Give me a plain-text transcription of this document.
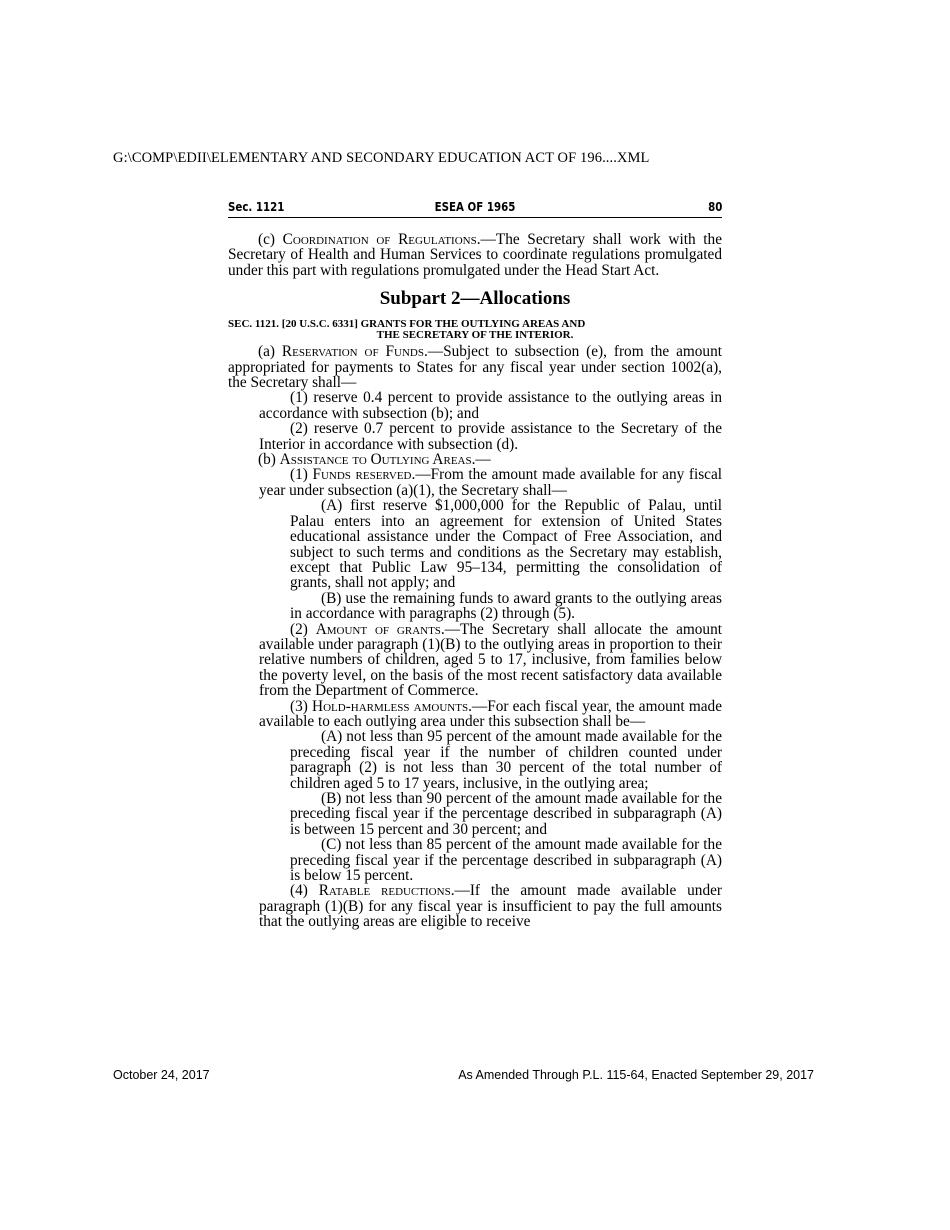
G:\COMP\EDII\ELEMENTARY AND SECONDARY EDUCATION ACT OF 196....XML
Sec. 1121	ESEA OF 1965	80

(c) Coordination of Regulations.—The Secretary shall work with the Secretary of Health and Human Services to coordinate regulations promulgated under this part with regulations promulgated under the Head Start Act.

Subpart 2—Allocations

SEC. 1121. [20 U.S.C. 6331] GRANTS FOR THE OUTLYING AREAS AND
THE SECRETARY OF THE INTERIOR.

(a) Reservation of Funds.—Subject to subsection (e), from the amount appropriated for payments to States for any fiscal year under section 1002(a), the Secretary shall—

(1) reserve 0.4 percent to provide assistance to the outlying areas in accordance with subsection (b); and

(2) reserve 0.7 percent to provide assistance to the Secretary of the Interior in accordance with subsection (d).

(b) Assistance to Outlying Areas.—

(1) Funds reserved.—From the amount made available for any fiscal year under subsection (a)(1), the Secretary shall—

(A) first reserve $1,000,000 for the Republic of Palau, until Palau enters into an agreement for extension of United States educational assistance under the Compact of Free Association, and subject to such terms and conditions as the Secretary may establish, except that Public Law 95–134, permitting the consolidation of grants, shall not apply; and

(B) use the remaining funds to award grants to the outlying areas in accordance with paragraphs (2) through (5).

(2) Amount of grants.—The Secretary shall allocate the amount available under paragraph (1)(B) to the outlying areas in proportion to their relative numbers of children, aged 5 to 17, inclusive, from families below the poverty level, on the basis of the most recent satisfactory data available from the Department of Commerce.

(3) Hold-harmless amounts.—For each fiscal year, the amount made available to each outlying area under this subsection shall be—

(A) not less than 95 percent of the amount made available for the preceding fiscal year if the number of children counted under paragraph (2) is not less than 30 percent of the total number of children aged 5 to 17 years, inclusive, in the outlying area;

(B) not less than 90 percent of the amount made available for the preceding fiscal year if the percentage described in subparagraph (A) is between 15 percent and 30 percent; and

(C) not less than 85 percent of the amount made available for the preceding fiscal year if the percentage described in subparagraph (A) is below 15 percent.

(4) Ratable reductions.—If the amount made available under paragraph (1)(B) for any fiscal year is insufficient to pay the full amounts that the outlying areas are eligible to receive

October 24, 2017	As Amended Through P.L. 115-64, Enacted September 29, 2017
